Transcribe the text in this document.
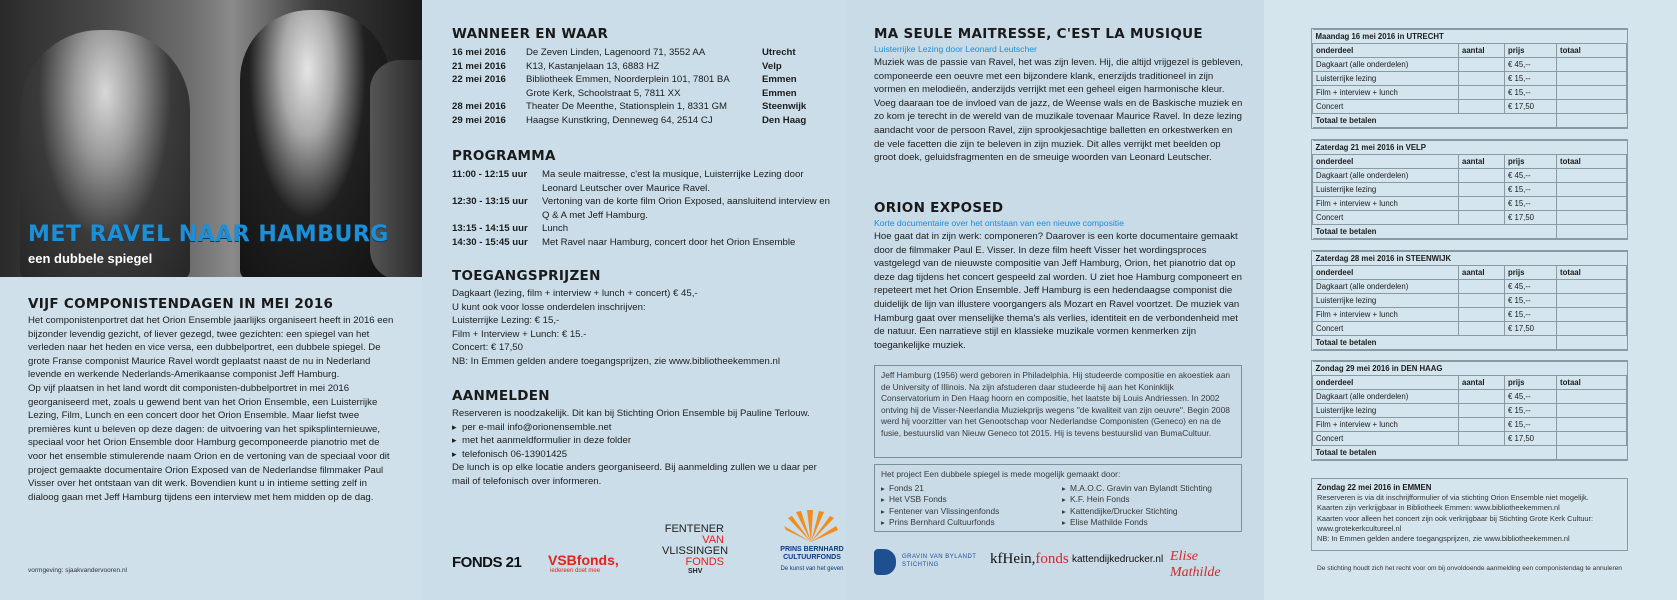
MET RAVEL NAAR HAMBURG
een dubbele spiegel
VIJF COMPONISTENDAGEN IN MEI 2016

Het componistenportret dat het Orion Ensemble jaarlijks organiseert heeft in 2016 een bijzonder levendig gezicht, of liever gezegd, twee gezichten: een spiegel van het verleden naar het heden en vice versa, een dubbelportret, een dubbele spiegel. De grote Franse componist Maurice Ravel wordt geplaatst naast de nu in Nederland levende en werkende Nederlands-Amerikaanse componist Jeff Hamburg.

Op vijf plaatsen in het land wordt dit componisten-dubbelportret in mei 2016 georganiseerd met, zoals u gewend bent van het Orion Ensemble, een Luisterrijke Lezing, Film, Lunch en een concert door het Orion Ensemble. Maar liefst twee premières kunt u beleven op deze dagen: de uitvoering van het spiksplinternieuwe, speciaal voor het Orion Ensemble door Hamburg gecomponeerde pianotrio met de voor het ensemble stimulerende naam Orion en de vertoning van de speciaal voor dit project gemaakte documentaire Orion Exposed van de Nederlandse filmmaker Paul Visser over het ontstaan van dit werk. Bovendien kunt u in intieme setting zelf in dialoog gaan met Jeff Hamburg tijdens een interview met hem midden op de dag.

vormgeving: sjaakvandervooren.nl
WANNEER EN WAAR
16 mei 2016	De Zeven Linden, Lagenoord 71, 3552 AA	Utrecht
21 mei 2016	K13, Kastanjelaan 13, 6883 HZ	Velp
22 mei 2016	Bibliotheek Emmen, Noorderplein 101, 7801 BA	Emmen
	Grote Kerk, Schoolstraat 5, 7811 XX	Emmen
28 mei 2016	Theater De Meenthe, Stationsplein 1, 8331 GM	Steenwijk
29 mei 2016	Haagse Kunstkring, Denneweg 64, 2514 CJ	Den Haag
PROGRAMMA
11:00 - 12:15 uur	Ma seule maitresse, c'est la musique, Luisterrijke Lezing door Leonard Leutscher over Maurice Ravel.
12:30 - 13:15 uur	Vertoning van de korte film Orion Exposed, aansluitend interview en Q & A met Jeff Hamburg.
13:15 - 14:15 uur	Lunch
14:30 - 15:45 uur	Met Ravel naar Hamburg, concert door het Orion Ensemble
TOEGANGSPRIJZEN
Dagkaart (lezing, film + interview + lunch + concert) € 45,-
U kunt ook voor losse onderdelen inschrijven:
Luisterrijke Lezing: € 15,-
Film + Interview + Lunch: € 15.-
Concert: € 17,50
NB: In Emmen gelden andere toegangsprijzen, zie www.bibliotheekemmen.nl
AANMELDEN

Reserveren is noodzakelijk. Dit kan bij Stichting Orion Ensemble bij Pauline Terlouw.

▸ per e-mail info@orionensemble.net
▸ met het aanmeldformulier in deze folder
▸ telefonisch 06-13901425

De lunch is op elke locatie anders georganiseerd. Bij aanmelding zullen we u daar per mail of telefonisch over informeren.

FONDS 21 VSBfonds,
iedereen doet mee
FENTENER
VAN
VLISSINGEN
FONDS
SHV
PRINS BERNHARD
CULTUURFONDS
De kunst van het geven
MA SEULE MAITRESSE, C'EST LA MUSIQUE
Luisterrijke Lezing door Leonard Leutscher

Muziek was de passie van Ravel, het was zijn leven. Hij, die altijd vrijgezel is gebleven, componeerde een oeuvre met een bijzondere klank, enerzijds traditioneel in zijn vormen en melodieën, anderzijds verrijkt met een geheel eigen harmonische kleur. Voeg daaraan toe de invloed van de jazz, de Weense wals en de Baskische muziek en zo kom je terecht in de wereld van de muzikale tovenaar Maurice Ravel. In deze lezing aandacht voor de persoon Ravel, zijn sprookjesachtige balletten en orkestwerken en de vele facetten die zijn te beleven in zijn muziek. Dit alles verrijkt met beelden op groot doek, geluidsfragmenten en de smeuige woorden van Leonard Leutscher.

ORION EXPOSED
Korte documentaire over het ontstaan van een nieuwe compositie

Hoe gaat dat in zijn werk: componeren? Daarover is een korte documentaire gemaakt door de filmmaker Paul E. Visser. In deze film heeft Visser het wordingsproces vastgelegd van de nieuwste compositie van Jeff Hamburg, Orion, het pianotrio dat op deze dag tijdens het concert gespeeld zal worden. U ziet hoe Hamburg componeert en repeteert met het Orion Ensemble. Jeff Hamburg is een hedendaagse componist die duidelijk de lijn van illustere voorgangers als Mozart en Ravel voortzet. De muziek van Hamburg gaat over menselijke thema's als verlies, identiteit en de verbondenheid met de natuur. Een narratieve stijl en klassieke muzikale vormen kenmerken zijn toegankelijke muziek.

Jeff Hamburg (1956) werd geboren in Philadelphia. Hij studeerde compositie en akoestiek aan de University of Illinois. Na zijn afstuderen daar studeerde hij aan het Koninklijk Conservatorium in Den Haag hoorn en compositie, het laatste bij Louis Andriessen. In 2002 ontving hij de Visser-Neerlandia Muziekprijs wegens "de kwaliteit van zijn oeuvre". Begin 2008 werd hij voorzitter van het Genootschap voor Nederlandse Componisten (Geneco) en na de fusie, bestuurslid van Nieuw Geneco tot 2015. Hij is tevens bestuurslid van BumaCultuur.
Het project Een dubbele spiegel is mede mogelijk gemaakt door:
▸ Fonds 21
▸ Het VSB Fonds
▸ Fentener van Vlissingenfonds
▸ Prins Bernhard Cultuurfonds
▸ M.A.O.C. Gravin van Bylandt Stichting
▸ K.F. Hein Fonds
▸ Kattendijke/Drucker Stichting
▸ Elise Mathilde Fonds
GRAVIN VAN BYLANDT
STICHTING	kfHein,fonds kattendijkedrucker.nl Elise Mathilde
Maandag 16 mei 2016 in UTRECHT			
onderdeel	aantal	prijs	totaal
Dagkaart (alle onderdelen)		€ 45,--	
Luisterrijke lezing		€ 15,--	
Film + interview + lunch		€ 15,--	
Concert		€ 17,50	
Totaal te betalen			
Zaterdag 21 mei 2016 in VELP			
onderdeel	aantal	prijs	totaal
Dagkaart (alle onderdelen)		€ 45,--	
Luisterrijke lezing		€ 15,--	
Film + interview + lunch		€ 15,--	
Concert		€ 17,50	
Totaal te betalen			
Zaterdag 28 mei 2016 in STEENWIJK			
onderdeel	aantal	prijs	totaal
Dagkaart (alle onderdelen)		€ 45,--	
Luisterrijke lezing		€ 15,--	
Film + interview + lunch		€ 15,--	
Concert		€ 17,50	
Totaal te betalen			
Zondag 29 mei 2016 in DEN HAAG			
onderdeel	aantal	prijs	totaal
Dagkaart (alle onderdelen)		€ 45,--	
Luisterrijke lezing		€ 15,--	
Film + interview + lunch		€ 15,--	
Concert		€ 17,50	
Totaal te betalen			
Zondag 22 mei 2016 in EMMEN
Reserveren is via dit inschrijfformulier of via stichting Orion Ensemble niet mogelijk.
Kaarten zijn verkrijgbaar in Bibliotheek Emmen: www.bibliotheekemmen.nl
Kaarten voor alleen het concert zijn ook verkrijgbaar bij Stichting Grote Kerk Cultuur: www.grotekerkcultureel.nl
NB: In Emmen gelden andere toegangsprijzen, zie www.bibliotheekemmen.nl
De stichting houdt zich het recht voor om bij onvoldoende aanmelding een componistendag te annuleren
